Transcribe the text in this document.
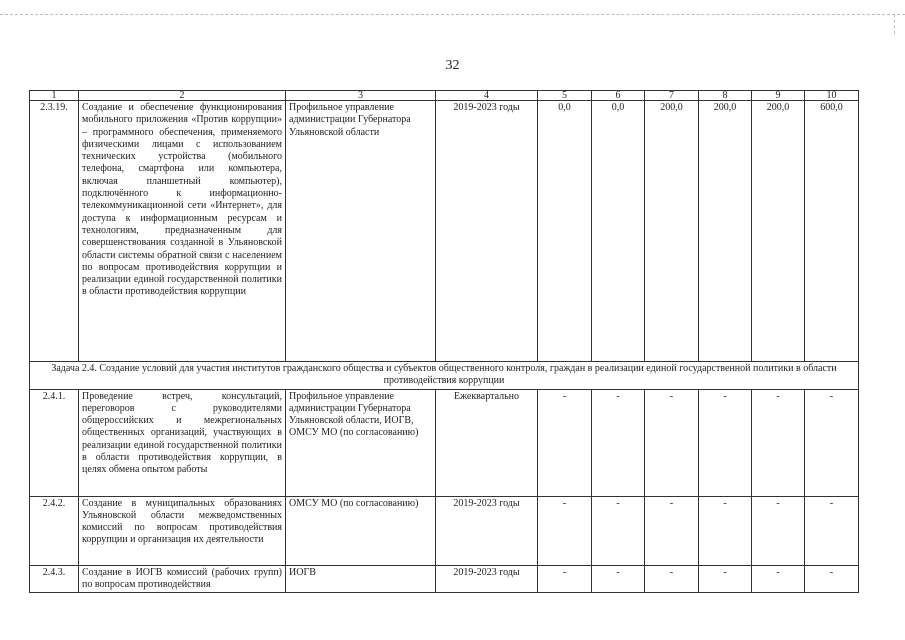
32
1	2	3	4	5	6	7	8	9	10
2.3.19.	Создание и обеспечение функционирования мобильного приложения «Против коррупции» – программного обеспечения, применяемого физическими лицами с использованием технических устройства (мобильного телефона, смартфона или компьютера, включая планшетный компьютер), подключённого к информационно-телекоммуникационной сети «Интернет», для доступа к информационным ресурсам и технологиям, предназначенным для совершенствования созданной в Ульяновской области системы обратной связи с населением по вопросам противодействия коррупции и реализации единой государственной политики в области противодействия коррупции	Профильное управление администрации Губернатора Ульяновской области	2019-2023 годы	0,0	0,0	200,0	200,0	200,0	600,0
Задача 2.4. Создание условий для участия институтов гражданского общества и субъектов общественного контроля, граждан в реализации единой государственной политики в области противодействия коррупции									
2.4.1.	Проведение встреч, консультаций, переговоров с руководителями общероссийских и межрегиональных общественных организаций, участвующих в реализации единой государственной политики в области противодействия коррупции, в целях обмена опытом работы	Профильное управление администрации Губернатора Ульяновской области, ИОГВ, ОМСУ МО (по согласованию)	Ежеквартально	-	-	-	-	-	-
2.4.2.	Создание в муниципальных образованиях Ульяновской области межведомственных комиссий по вопросам противодействия коррупции и организация их деятельности	ОМСУ МО (по согласованию)	2019-2023 годы	-	-	-	-	-	-
2.4.3.	Создание в ИОГВ комиссий (рабочих групп) по вопросам противодействия	ИОГВ	2019-2023 годы	-	-	-	-	-	-
